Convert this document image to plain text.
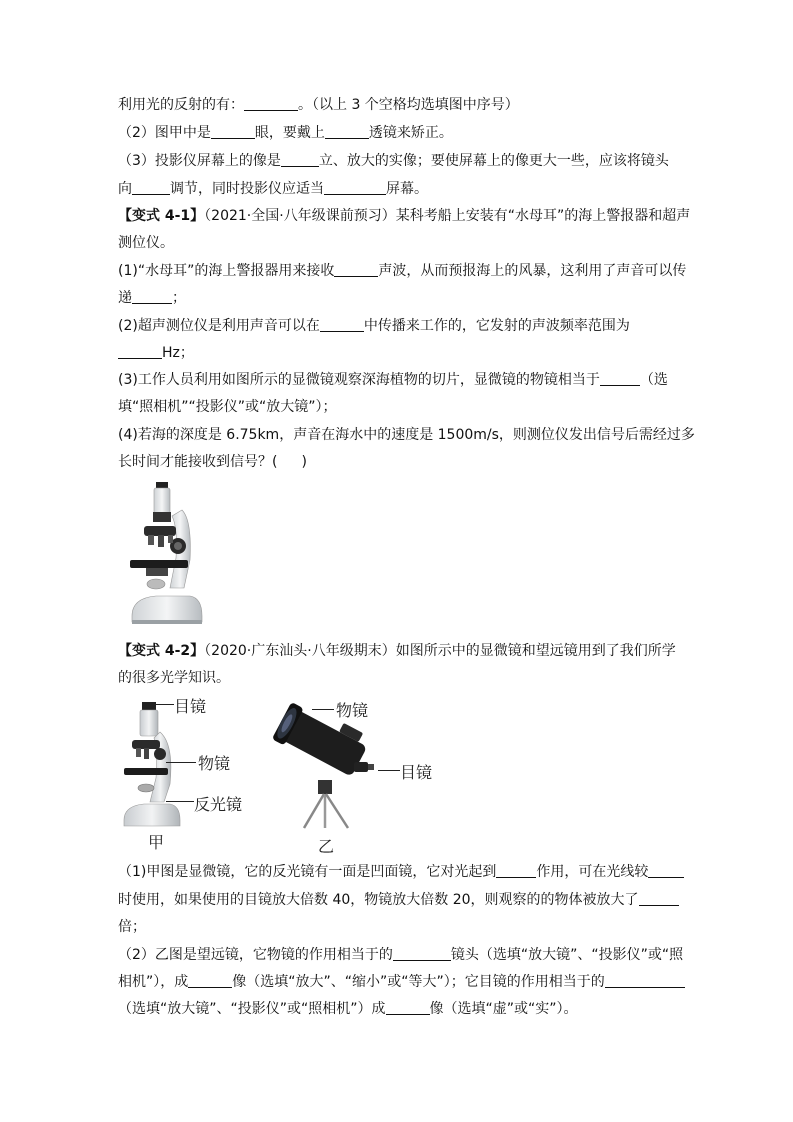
利用光的反射的有：	。（以上 3 个空格均选填图中序号）
（2）图甲中是	眼，要戴上	透镜来矫正。
（3）投影仪屏幕上的像是	立、放大的实像；要使屏幕上的像更大一些，应该将镜头
向	调节，同时投影仪应适当	屏幕。
【变式 4-1】（2021·全国·八年级课前预习）某科考船上安装有“水母耳”的海上警报器和超声
测位仪。
(1)“水母耳”的海上警报器用来接收	声波，从而预报海上的风暴，这利用了声音可以传
递	；
(2)超声测位仪是利用声音可以在	中传播来工作的，它发射的声波频率范围为
Hz；
(3)工作人员利用如图所示的显微镜观察深海植物的切片，显微镜的物镜相当于	（选
填“照相机”“投影仪”或“放大镜”）；
(4)若海的深度是 6.75km，声音在海水中的速度是 1500m/s，则测位仪发出信号后需经过多
长时间才能接收到信号？( )
【变式 4-2】（2020·广东汕头·八年级期末）如图所示中的显微镜和望远镜用到了我们所学
的很多光学知识。
目镜
物镜
反光镜
甲
物镜
目镜
乙
（1)甲图是显微镜，它的反光镜有一面是凹面镜，它对光起到	作用，可在光线较
时使用，如果使用的目镜放大倍数 40，物镜放大倍数 20，则观察的的物体被放大了
倍；
（2）乙图是望远镜，它物镜的作用相当于的	镜头（选填“放大镜”、“投影仪”或“照
相机”），成	像（选填“放大”、“缩小”或“等大”）；它目镜的作用相当于的
（选填“放大镜”、“投影仪”或“照相机”）成	像（选填“虚”或“实”）。
